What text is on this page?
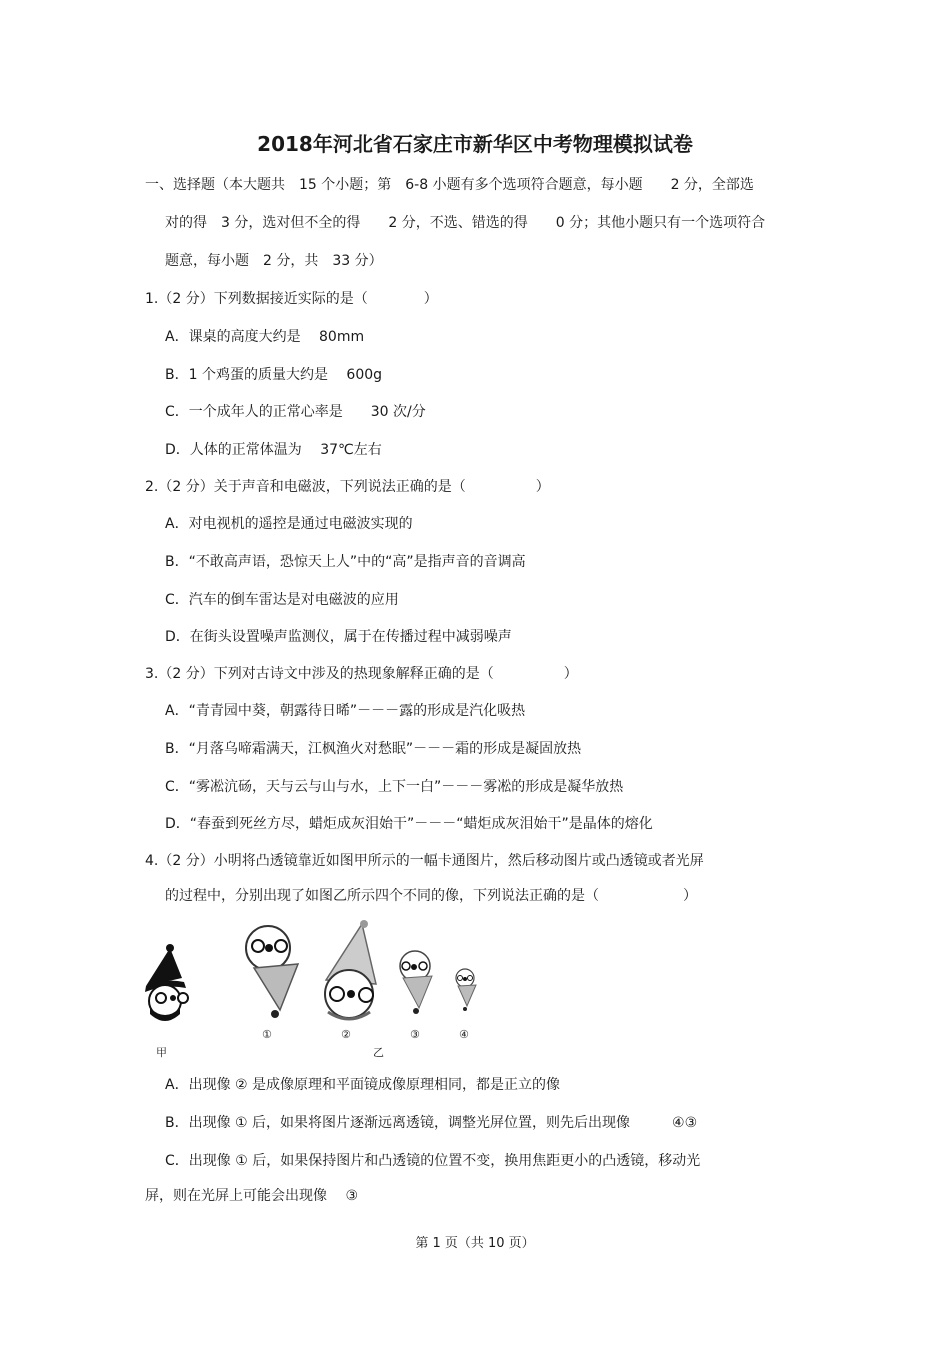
2018年河北省石家庄市新华区中考物理模拟试卷
一、选择题（本大题共　15 个小题；第　6-8 小题有多个选项符合题意，每小题　　2 分，全部选
对的得　3 分，选对但不全的得　　2 分，不选、错选的得　　0 分；其他小题只有一个选项符合
题意，每小题　2 分，共　33 分）
1.（2 分）下列数据接近实际的是（　　　　）
A．课桌的高度大约是　 80mm
B．1 个鸡蛋的质量大约是　 600g
C．一个成年人的正常心率是　　30 次/分
D．人体的正常体温为　 37℃左右
2.（2 分）关于声音和电磁波，下列说法正确的是（　　　　　）
A．对电视机的遥控是通过电磁波实现的
B．“不敢高声语，恐惊天上人”中的“高”是指声音的音调高
C．汽车的倒车雷达是对电磁波的应用
D．在街头设置噪声监测仪，属于在传播过程中减弱噪声
3.（2 分）下列对古诗文中涉及的热现象解释正确的是（　　　　　）
A．“青青园中葵，朝露待日晞”－－－露的形成是汽化吸热
B．“月落乌啼霜满天，江枫渔火对愁眠”－－－霜的形成是凝固放热
C．“雾凇沆砀，天与云与山与水，上下一白”－－－雾凇的形成是凝华放热
D．“春蚕到死丝方尽，蜡炬成灰泪始干”－－－“蜡炬成灰泪始干”是晶体的熔化
4.（2 分）小明将凸透镜靠近如图甲所示的一幅卡通图片，然后移动图片或凸透镜或者光屏
的过程中，分别出现了如图乙所示四个不同的像，下列说法正确的是（　　　　　　）
甲	乙
①	②	③	④
A．出现像 ② 是成像原理和平面镜成像原理相同，都是正立的像
B．出现像 ① 后，如果将图片逐渐远离透镜，调整光屏位置，则先后出现像　　　④③
C．出现像 ① 后，如果保持图片和凸透镜的位置不变，换用焦距更小的凸透镜，移动光
屏，则在光屏上可能会出现像　 ③
第 1 页（共 10 页）
